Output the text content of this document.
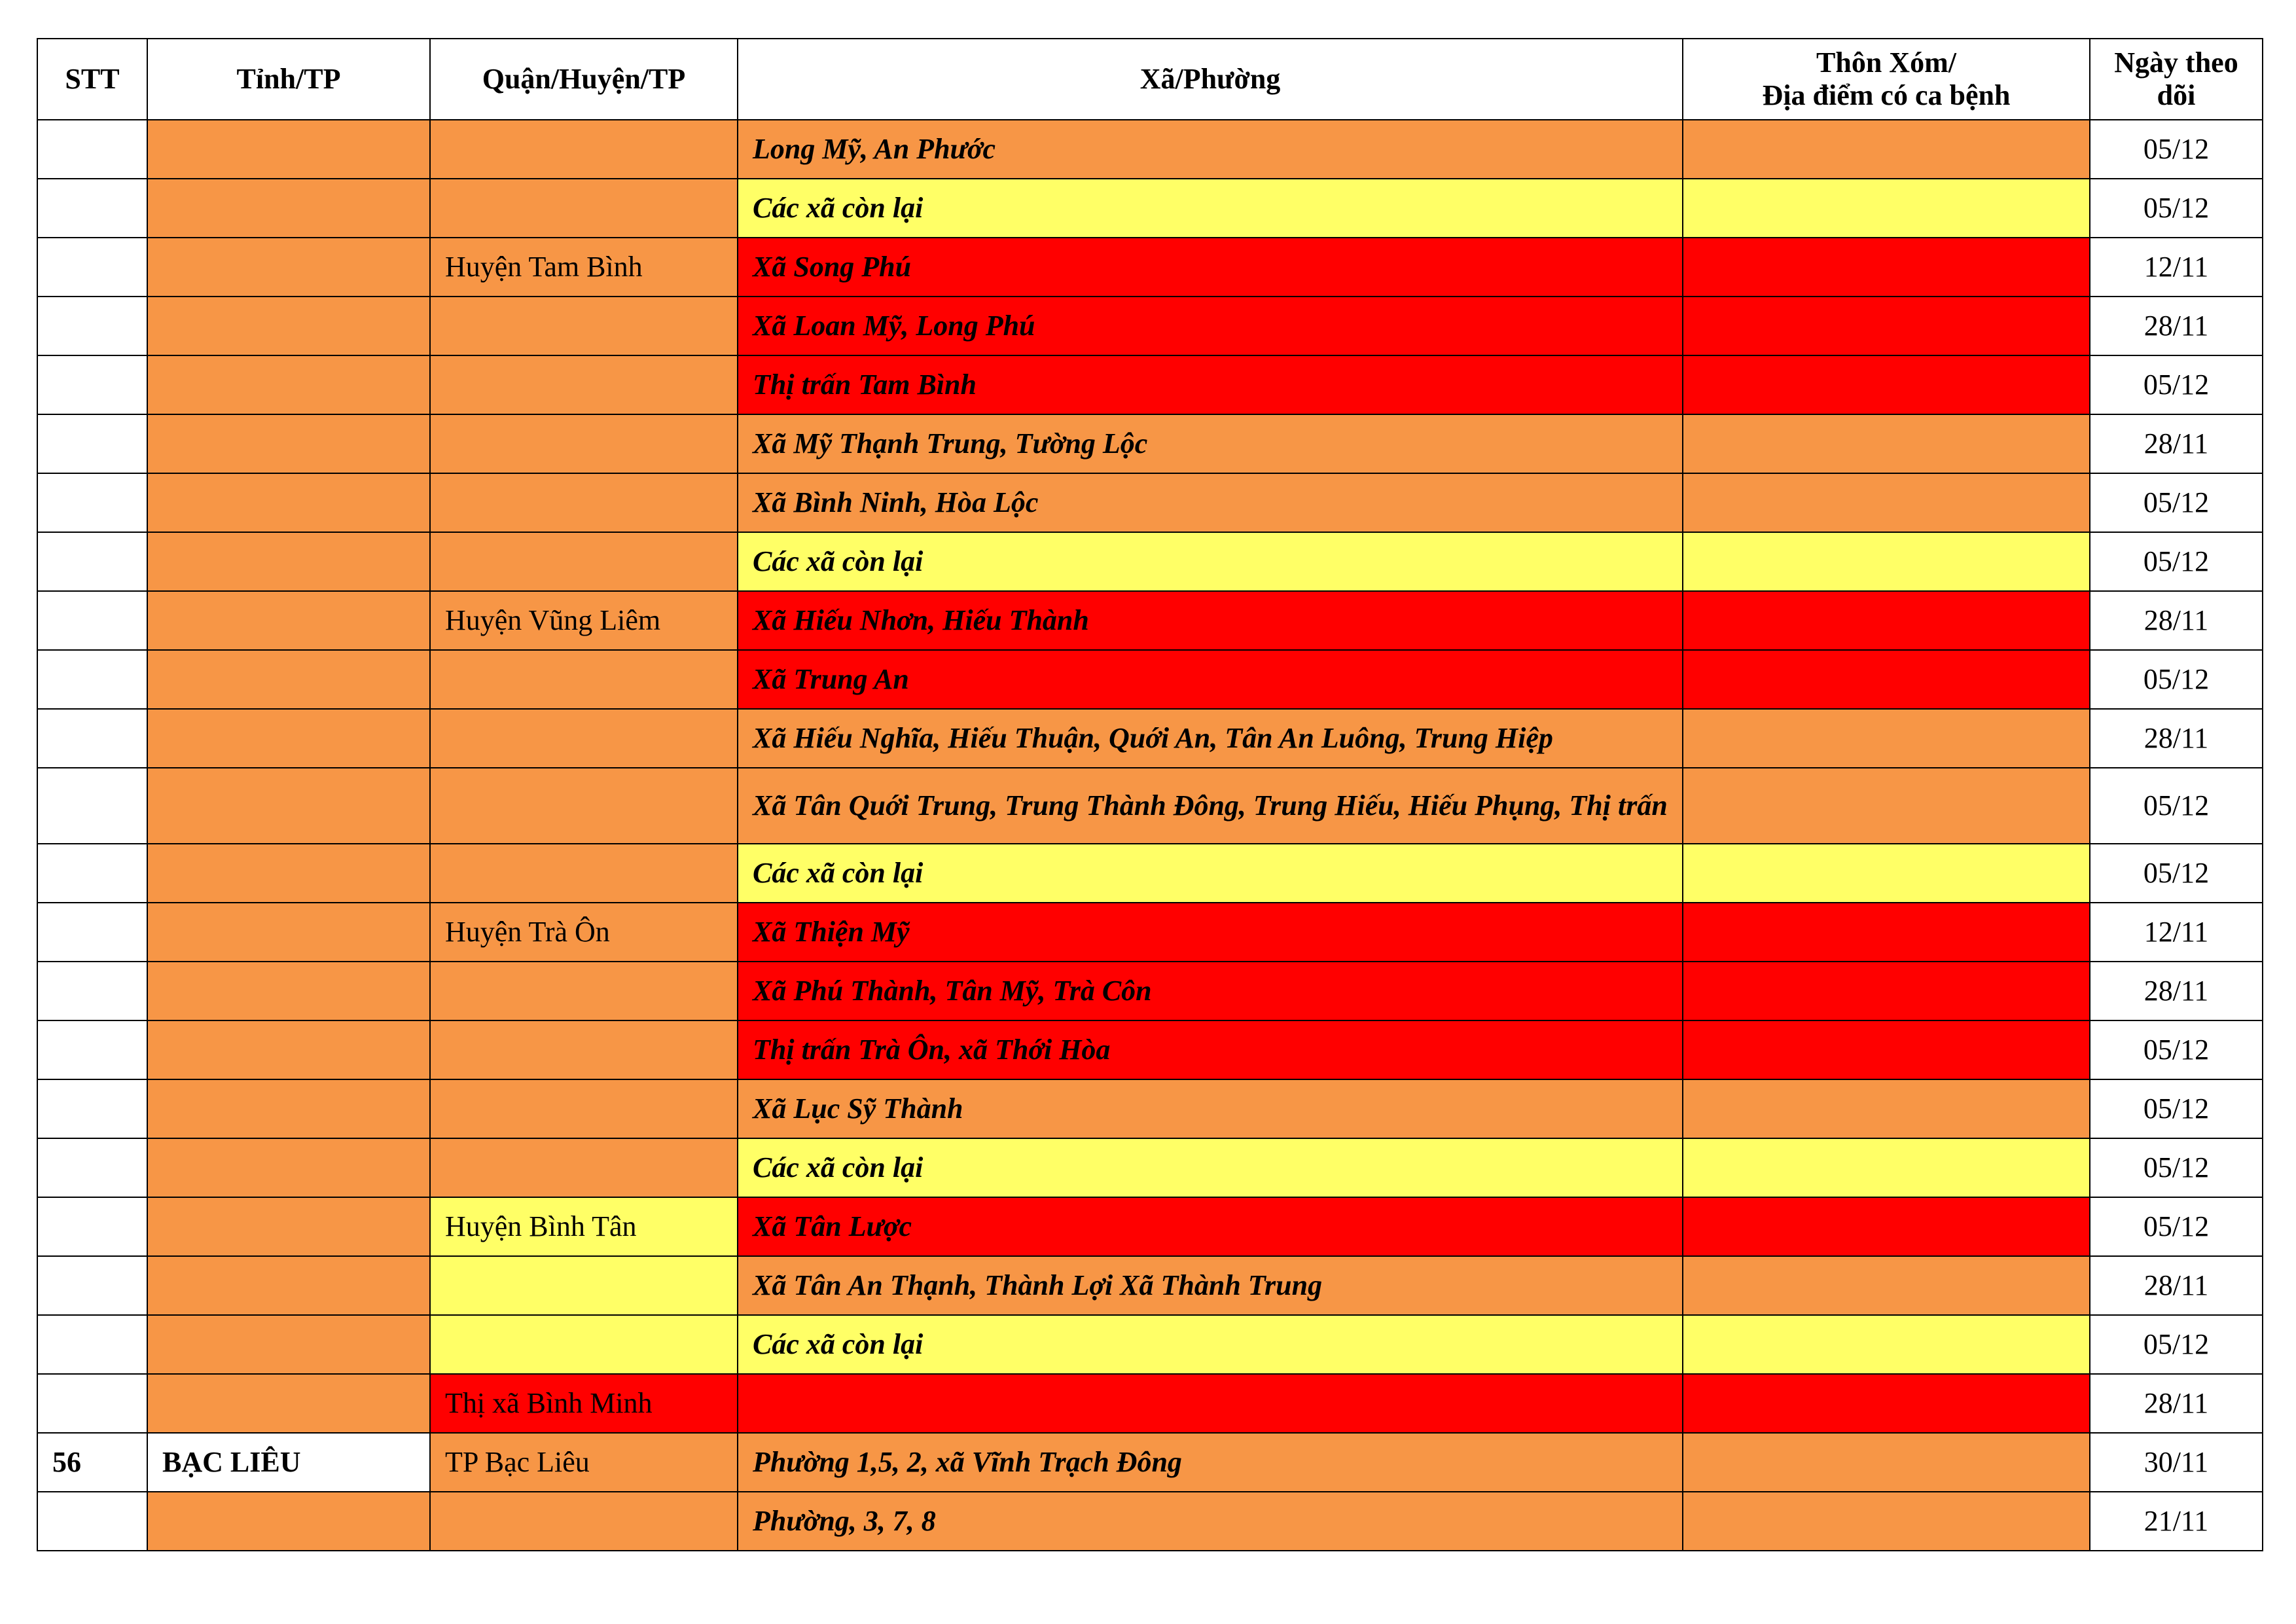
STT	Tỉnh/TP	Quận/Huyện/TP	Xã/Phường	Thôn Xóm/
Địa điểm có ca bệnh	Ngày theo dõi
			Long Mỹ, An Phước		05/12
			Các xã còn lại		05/12
		Huyện Tam Bình	Xã Song Phú		12/11
			Xã Loan Mỹ, Long Phú		28/11
			Thị trấn Tam Bình		05/12
			Xã Mỹ Thạnh Trung, Tường Lộc		28/11
			Xã Bình Ninh, Hòa Lộc		05/12
			Các xã còn lại		05/12
		Huyện Vũng Liêm	Xã Hiếu Nhơn, Hiếu Thành		28/11
			Xã Trung An		05/12
			Xã Hiếu Nghĩa, Hiếu Thuận, Quới An, Tân An Luông, Trung Hiệp		28/11
			Xã Tân Quới Trung, Trung Thành Đông, Trung Hiếu, Hiếu Phụng, Thị trấn		05/12
			Các xã còn lại		05/12
		Huyện Trà Ôn	Xã Thiện Mỹ		12/11
			Xã Phú Thành, Tân Mỹ, Trà Côn		28/11
			Thị trấn Trà Ôn, xã Thới Hòa		05/12
			Xã Lục Sỹ Thành		05/12
			Các xã còn lại		05/12
		Huyện Bình Tân	Xã Tân Lược		05/12
			Xã Tân An Thạnh, Thành Lợi Xã Thành Trung		28/11
			Các xã còn lại		05/12
		Thị xã Bình Minh			28/11
56	BẠC LIÊU	TP Bạc Liêu	Phường 1,5, 2, xã Vĩnh Trạch Đông		30/11
			Phường, 3, 7, 8		21/11
